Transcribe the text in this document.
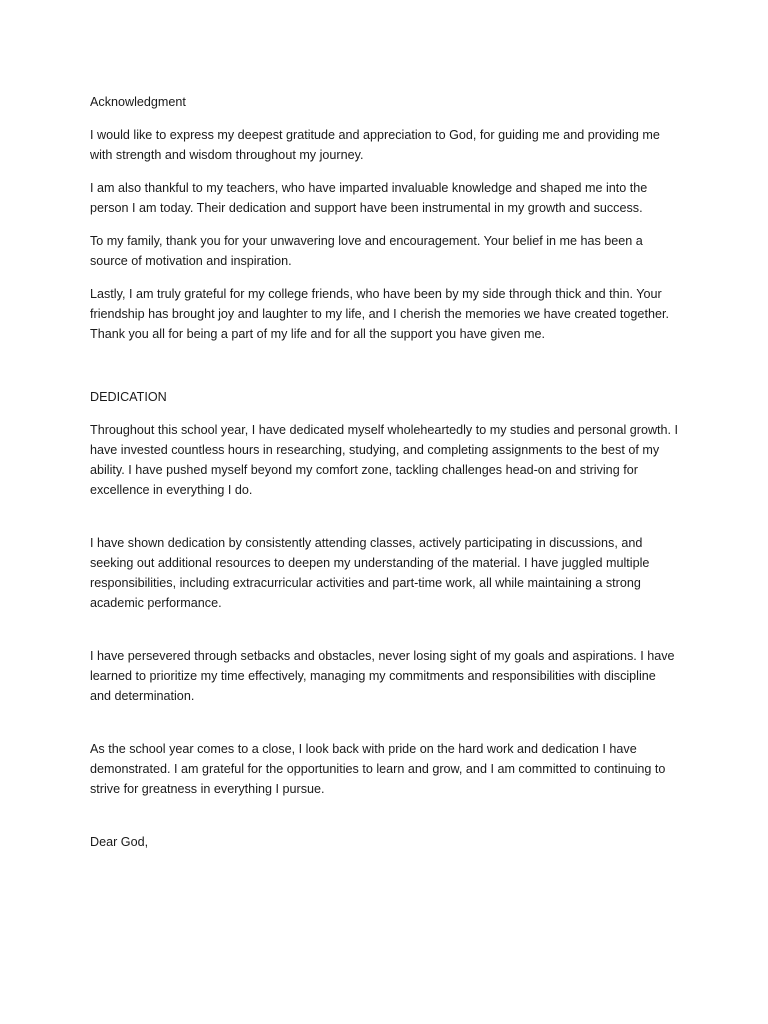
Acknowledgment

I would like to express my deepest gratitude and appreciation to God, for guiding me and providing me with strength and wisdom throughout my journey.

I am also thankful to my teachers, who have imparted invaluable knowledge and shaped me into the person I am today. Their dedication and support have been instrumental in my growth and success.

To my family, thank you for your unwavering love and encouragement. Your belief in me has been a source of motivation and inspiration.

Lastly, I am truly grateful for my college friends, who have been by my side through thick and thin. Your friendship has brought joy and laughter to my life, and I cherish the memories we have created together. Thank you all for being a part of my life and for all the support you have given me.

DEDICATION

Throughout this school year, I have dedicated myself wholeheartedly to my studies and personal growth. I have invested countless hours in researching, studying, and completing assignments to the best of my ability. I have pushed myself beyond my comfort zone, tackling challenges head-on and striving for excellence in everything I do.

I have shown dedication by consistently attending classes, actively participating in discussions, and seeking out additional resources to deepen my understanding of the material. I have juggled multiple responsibilities, including extracurricular activities and part-time work, all while maintaining a strong academic performance.

I have persevered through setbacks and obstacles, never losing sight of my goals and aspirations. I have learned to prioritize my time effectively, managing my commitments and responsibilities with discipline and determination.

As the school year comes to a close, I look back with pride on the hard work and dedication I have demonstrated. I am grateful for the opportunities to learn and grow, and I am committed to continuing to strive for greatness in everything I pursue.

Dear God,
